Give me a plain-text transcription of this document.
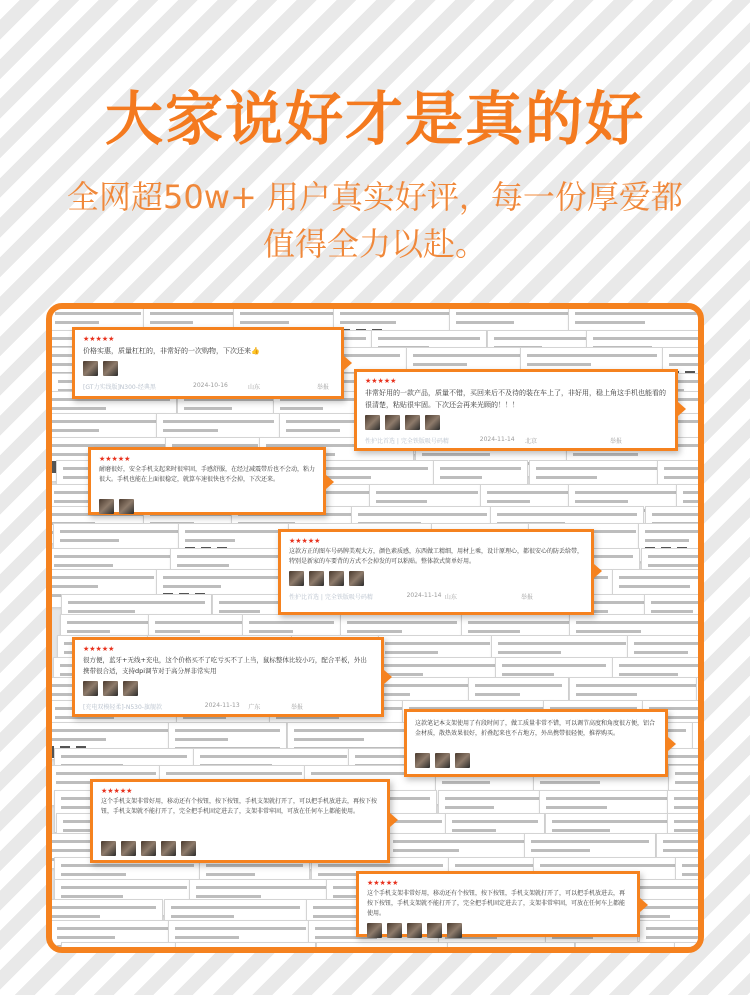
大家说好才是真的好
全网超50w+ 用户真实好评，每一份厚爱都
值得全力以赴。
★★★★★
价格实惠，质量杠杠的，非常好的一次购物，下次还来👍
[GT力实线版]N300-经典黑	2024-10-16	山东	举报
★★★★★
非常好用的一款产品，质量不错，买回来后不及待的装在车上了，非好用，稳上角这手机也能看的很清楚，粘贴很牢固。下次还会再来光顾的！！！
性护比首选 | 完全铁版吸号码精	2024-11-14 北京	举报
★★★★★
耐磨很好，安全手机支起来时很牢固，手感舒服，在经过减震带后也不会动，粘力很大。手机也能在上面很稳定，就算车速很快也不会掉，下次还来。
★★★★★
这款方正的图车号码牌美观大方，颜色素质感，东西做工精细，用材上乘，设计原理心，都很安心的防丢给带，特别是新家的车要背的方式不会掉发的可以粘贴。整体款式简单好用。
性护比首选 | 完全铁版吸号码精	2024-11-14 山东	举报
★★★★★
很方便，蓝牙+无线+充电，这个价格买不了吃亏买不了上当，鼠标整体比较小巧，配合平板，外出携带很合适，支持dpi调节对于高分屏非常实用
[充电双模轻柔]-N530-旗舰款	2024-11-13 广东	举报
这款笔记本支架使用了有段时间了，做工质量非常不错，可以调节高度和角度很方便，铝合金材质，散热效果很好，折叠起来也不占地方，外出携带很轻便，推荐购买。
★★★★★
这个手机支架非常好用，移动还有个按钮，按下按钮，手机支架就打开了，可以把手机放进去，再按下按钮，手机支架就不能打开了，完全把手机固定进去了，支架非常牢固，可放在任何车上都能使用。
★★★★★
这个手机支架非常好用，移动还有个按钮，按下按钮，手机支架就打开了，可以把手机放进去，再按下按钮，手机支架就不能打开了，完全把手机固定进去了，支架非常牢固，可放在任何车上都能使用。
